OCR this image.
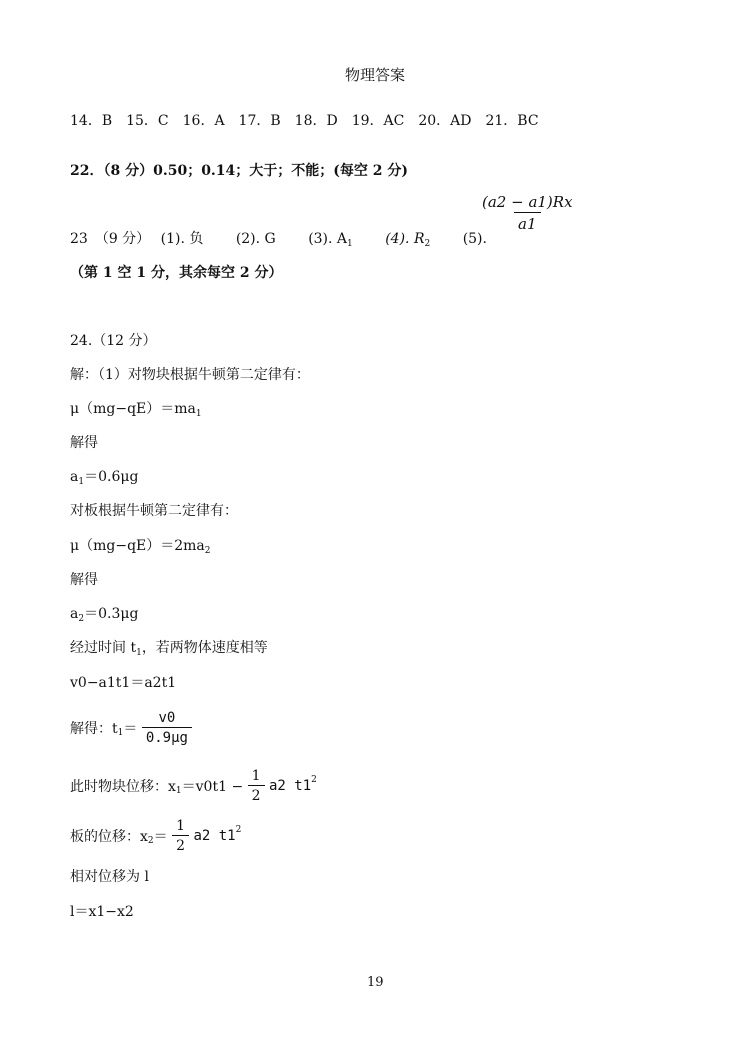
物理答案
14．B　15．C　16．A　17．B　18．D　19．AC　20．AD　21．BC
22．（8 分）0.50；0.14；大于；不能；(每空 2 分)
$\frac{(a2 - a1)Rx}{a1}$
23　（9 分） (1). 负 (2). G (3). $A_1$ (4). $R_2$ (5).
（第 1 空 1 分，其余每空 2 分）
24.（12 分）
解：（1）对物块根据牛顿第二定律有：
$\mu(mg-qE)=ma_1$
解得
$a_1=0.6\mu g$
对板根据牛顿第二定律有：
$\mu(mg-qE)=2ma_2$
解得
$a_2=0.3\mu g$
经过时间 $t_1$，若两物体速度相等
v0−a1t1＝a2t1
解得：$t_1= \frac{v0}{0.9\mu g}$
此时物块位移：$x_1=v0t1 - \frac{1}{2} a2$ $t1^2$
板的位移：$x_2= \frac{1}{2} a2$ $t1^2$
相对位移为 l
l＝x1−x2
19
